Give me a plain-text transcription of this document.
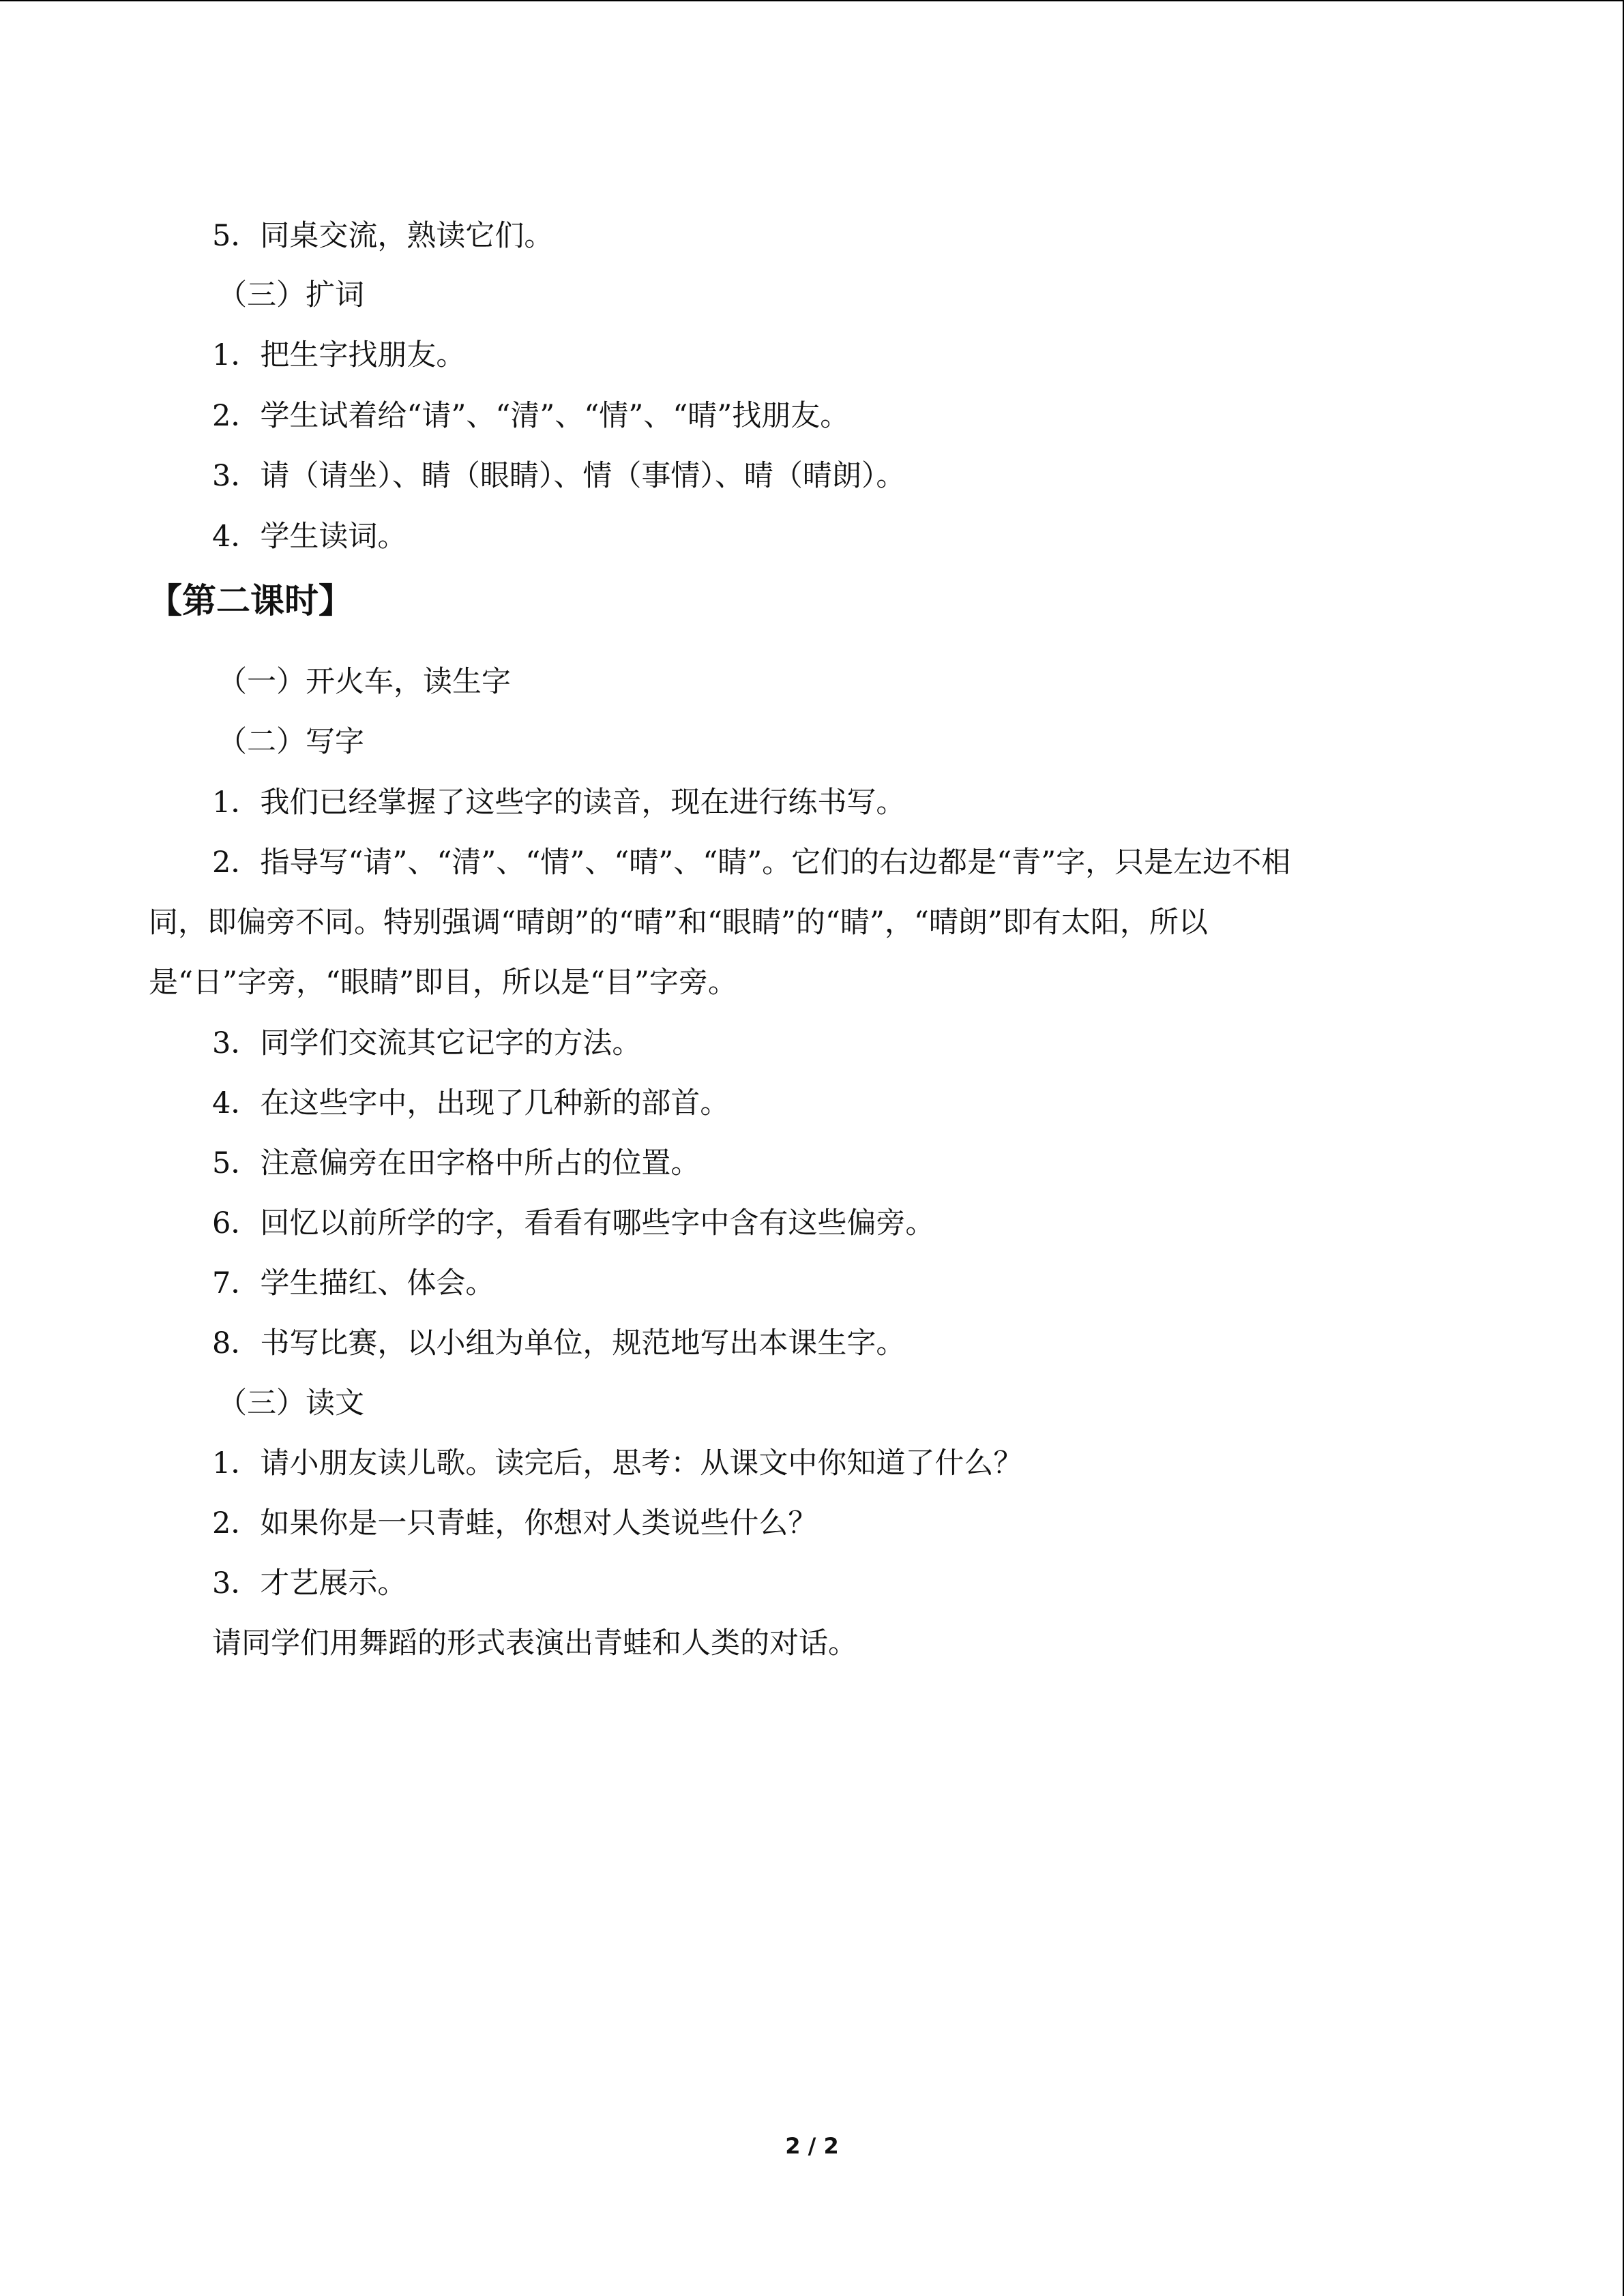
5．同桌交流，熟读它们。
（三）扩词
1．把生字找朋友。
2．学生试着给“请”、“清”、“情”、“晴”找朋友。
3．请（请坐）、睛（眼睛）、情（事情）、晴（晴朗）。
4．学生读词。
【第二课时】
（一）开火车，读生字
（二）写字
1．我们已经掌握了这些字的读音，现在进行练书写。
2．指导写“请”、“清”、“情”、“晴”、“睛”。它们的右边都是“青”字，只是左边不相
同，即偏旁不同。特别强调“晴朗”的“晴”和“眼睛”的“睛”，“晴朗”即有太阳，所以
是“日”字旁，“眼睛”即目，所以是“目”字旁。
3．同学们交流其它记字的方法。
4．在这些字中，出现了几种新的部首。
5．注意偏旁在田字格中所占的位置。
6．回忆以前所学的字，看看有哪些字中含有这些偏旁。
7．学生描红、体会。
8．书写比赛，以小组为单位，规范地写出本课生字。
（三）读文
1．请小朋友读儿歌。读完后，思考：从课文中你知道了什么？
2．如果你是一只青蛙，你想对人类说些什么？
3．才艺展示。
请同学们用舞蹈的形式表演出青蛙和人类的对话。
2 / 2
